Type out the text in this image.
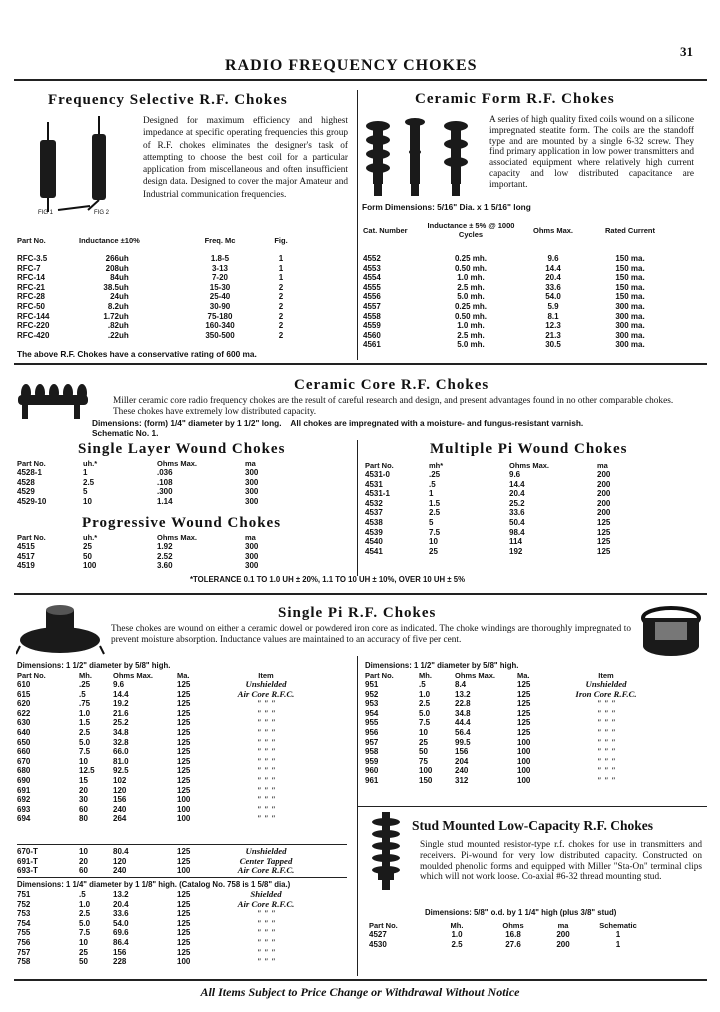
RADIO FREQUENCY CHOKES
31
Frequency Selective R.F. Chokes
FIG 1	FIG 2
Designed for maximum efficiency and highest impedance at specific operating frequencies this group of R.F. chokes eliminates the designer's task of attempting to choose the best coil for a particular application from miscellaneous and often insufficient design data. Designed to cover the major Amateur and Industrial communication frequencies.
Part No.	Inductance ±10%	Freq. Mc	Fig.

RFC-3.5	266	uh	1.8-5	1
RFC-7	208	uh	3-13	1
RFC-14	84	uh	7-20	1
RFC-21	38.5	uh	15-30	2
RFC-28	24	uh	25-40	2
RFC-50	8.2	uh	30-90	2
RFC-144	1.72	uh	75-180	2
RFC-220	.82	uh	160-340	2
RFC-420	.22	uh	350-500	2
The above R.F. Chokes have a conservative rating of 600 ma.
Ceramic Form R.F. Chokes
A series of high quality fixed coils wound on a silicone impregnated steatite form. The coils are the standoff type and are mounted by a single 6-32 screw. They find primary application in low power transmitters and associated equipment where relatively high current capacity and low distributed capacitance are important.
Form Dimensions: 5/16" Dia. x 1 5/16" long
Cat. Number	Inductance ± 5% @ 1000 Cycles	Ohms Max.	Rated Current
4552	0.25 mh.	9.6	150 ma.
4553	0.50 mh.	14.4	150 ma.
4554	1.0 mh.	20.4	150 ma.
4555	2.5 mh.	33.6	150 ma.
4556	5.0 mh.	54.0	150 ma.
4557	0.25 mh.	5.9	300 ma.
4558	0.50 mh.	8.1	300 ma.
4559	1.0 mh.	12.3	300 ma.
4560	2.5 mh.	21.3	300 ma.
4561	5.0 mh.	30.5	300 ma.
Ceramic Core R.F. Chokes
Miller ceramic core radio frequency chokes are the result of careful research and design, and present advantages found in no other comparable chokes. These chokes have extremely low distributed capacity.
Dimensions: (form) 1/4" diameter by 1 1/2" long.    All chokes are impregnated with a moisture- and fungus-resistant varnish.
Schematic No. 1.
Single Layer Wound Chokes
Part No.	uh.*	Ohms Max.	ma
4528-1	1	.036	300
4528	2.5	.108	300
4529	5	.300	300
4529-10	10	1.14	300
Progressive Wound Chokes
Part No.	uh.*	Ohms Max.	ma
4515	25	1.92	300
4517	50	2.52	300
4519	100	3.60	300
Multiple Pi Wound Chokes
Part No.	mh*	Ohms Max.	ma
4531-0	.25	9.6	200
4531	.5	14.4	200
4531-1	1	20.4	200
4532	1.5	25.2	200
4537	2.5	33.6	200
4538	5	50.4	125
4539	7.5	98.4	125
4540	10	114	125
4541	25	192	125
*TOLERANCE 0.1 TO 1.0 UH ± 20%, 1.1 TO 10 UH ± 10%, OVER 10 UH ± 5%
Single Pi R.F. Chokes
These chokes are wound on either a ceramic dowel or powdered iron core as indicated. The choke windings are thoroughly impregnated to prevent moisture absorption. Inductance values are maintained to an accuracy of five per cent.
Dimensions: 1 1/2" diameter by 5/8" high.
Part No.	Mh.	Ohms Max.	Ma.	Item
610	.25	9.6	125	Unshielded
615	.5	14.4	125	Air Core R.F.C.
620	.75	19.2	125	" " "
622	1.0	21.6	125	" " "
630	1.5	25.2	125	" " "
640	2.5	34.8	125	" " "
650	5.0	32.8	125	" " "
660	7.5	66.0	125	" " "
670	10	81.0	125	" " "
680	12.5	92.5	125	" " "
690	15	102	125	" " "
691	20	120	125	" " "
692	30	156	100	" " "
693	60	240	100	" " "
694	80	264	100	" " "
670-T	10	80.4	125	Unshielded
691-T	20	120	125	Center Tapped
693-T	60	240	100	Air Core R.F.C.
Dimensions: 1 1/4" diameter by 1 1/8" high. (Catalog No. 758 is 1 5/8" dia.)
751	.5	13.2	125	Shielded
752	1.0	20.4	125	Air Core R.F.C.
753	2.5	33.6	125	" " "
754	5.0	54.0	125	" " "
755	7.5	69.6	125	" " "
756	10	86.4	125	" " "
757	25	156	125	" " "
758	50	228	100	" " "
Dimensions: 1 1/2" diameter by 5/8" high.
Part No.	Mh.	Ohms Max.	Ma.	Item
951	.5	8.4	125	Unshielded
952	1.0	13.2	125	Iron Core R.F.C.
953	2.5	22.8	125	" " "
954	5.0	34.8	125	" " "
955	7.5	44.4	125	" " "
956	10	56.4	125	" " "
957	25	99.5	100	" " "
958	50	156	100	" " "
959	75	204	100	" " "
960	100	240	100	" " "
961	150	312	100	" " "
Stud Mounted Low-Capacity R.F. Chokes
Single stud mounted resistor-type r.f. chokes for use in transmitters and receivers. Pi-wound for very low distributed capacity. Constructed on moulded phenolic forms and equipped with Miller "Sta-On" terminal clips which will not work loose. Co-axial #6-32 thread mounting stud.
Dimensions: 5/8" o.d. by 1 1/4" high (plus 3/8" stud)
Part No.	Mh.	Ohms	ma	Schematic
4527	1.0	16.8	200	1
4530	2.5	27.6	200	1
All Items Subject to Price Change or Withdrawal Without Notice
